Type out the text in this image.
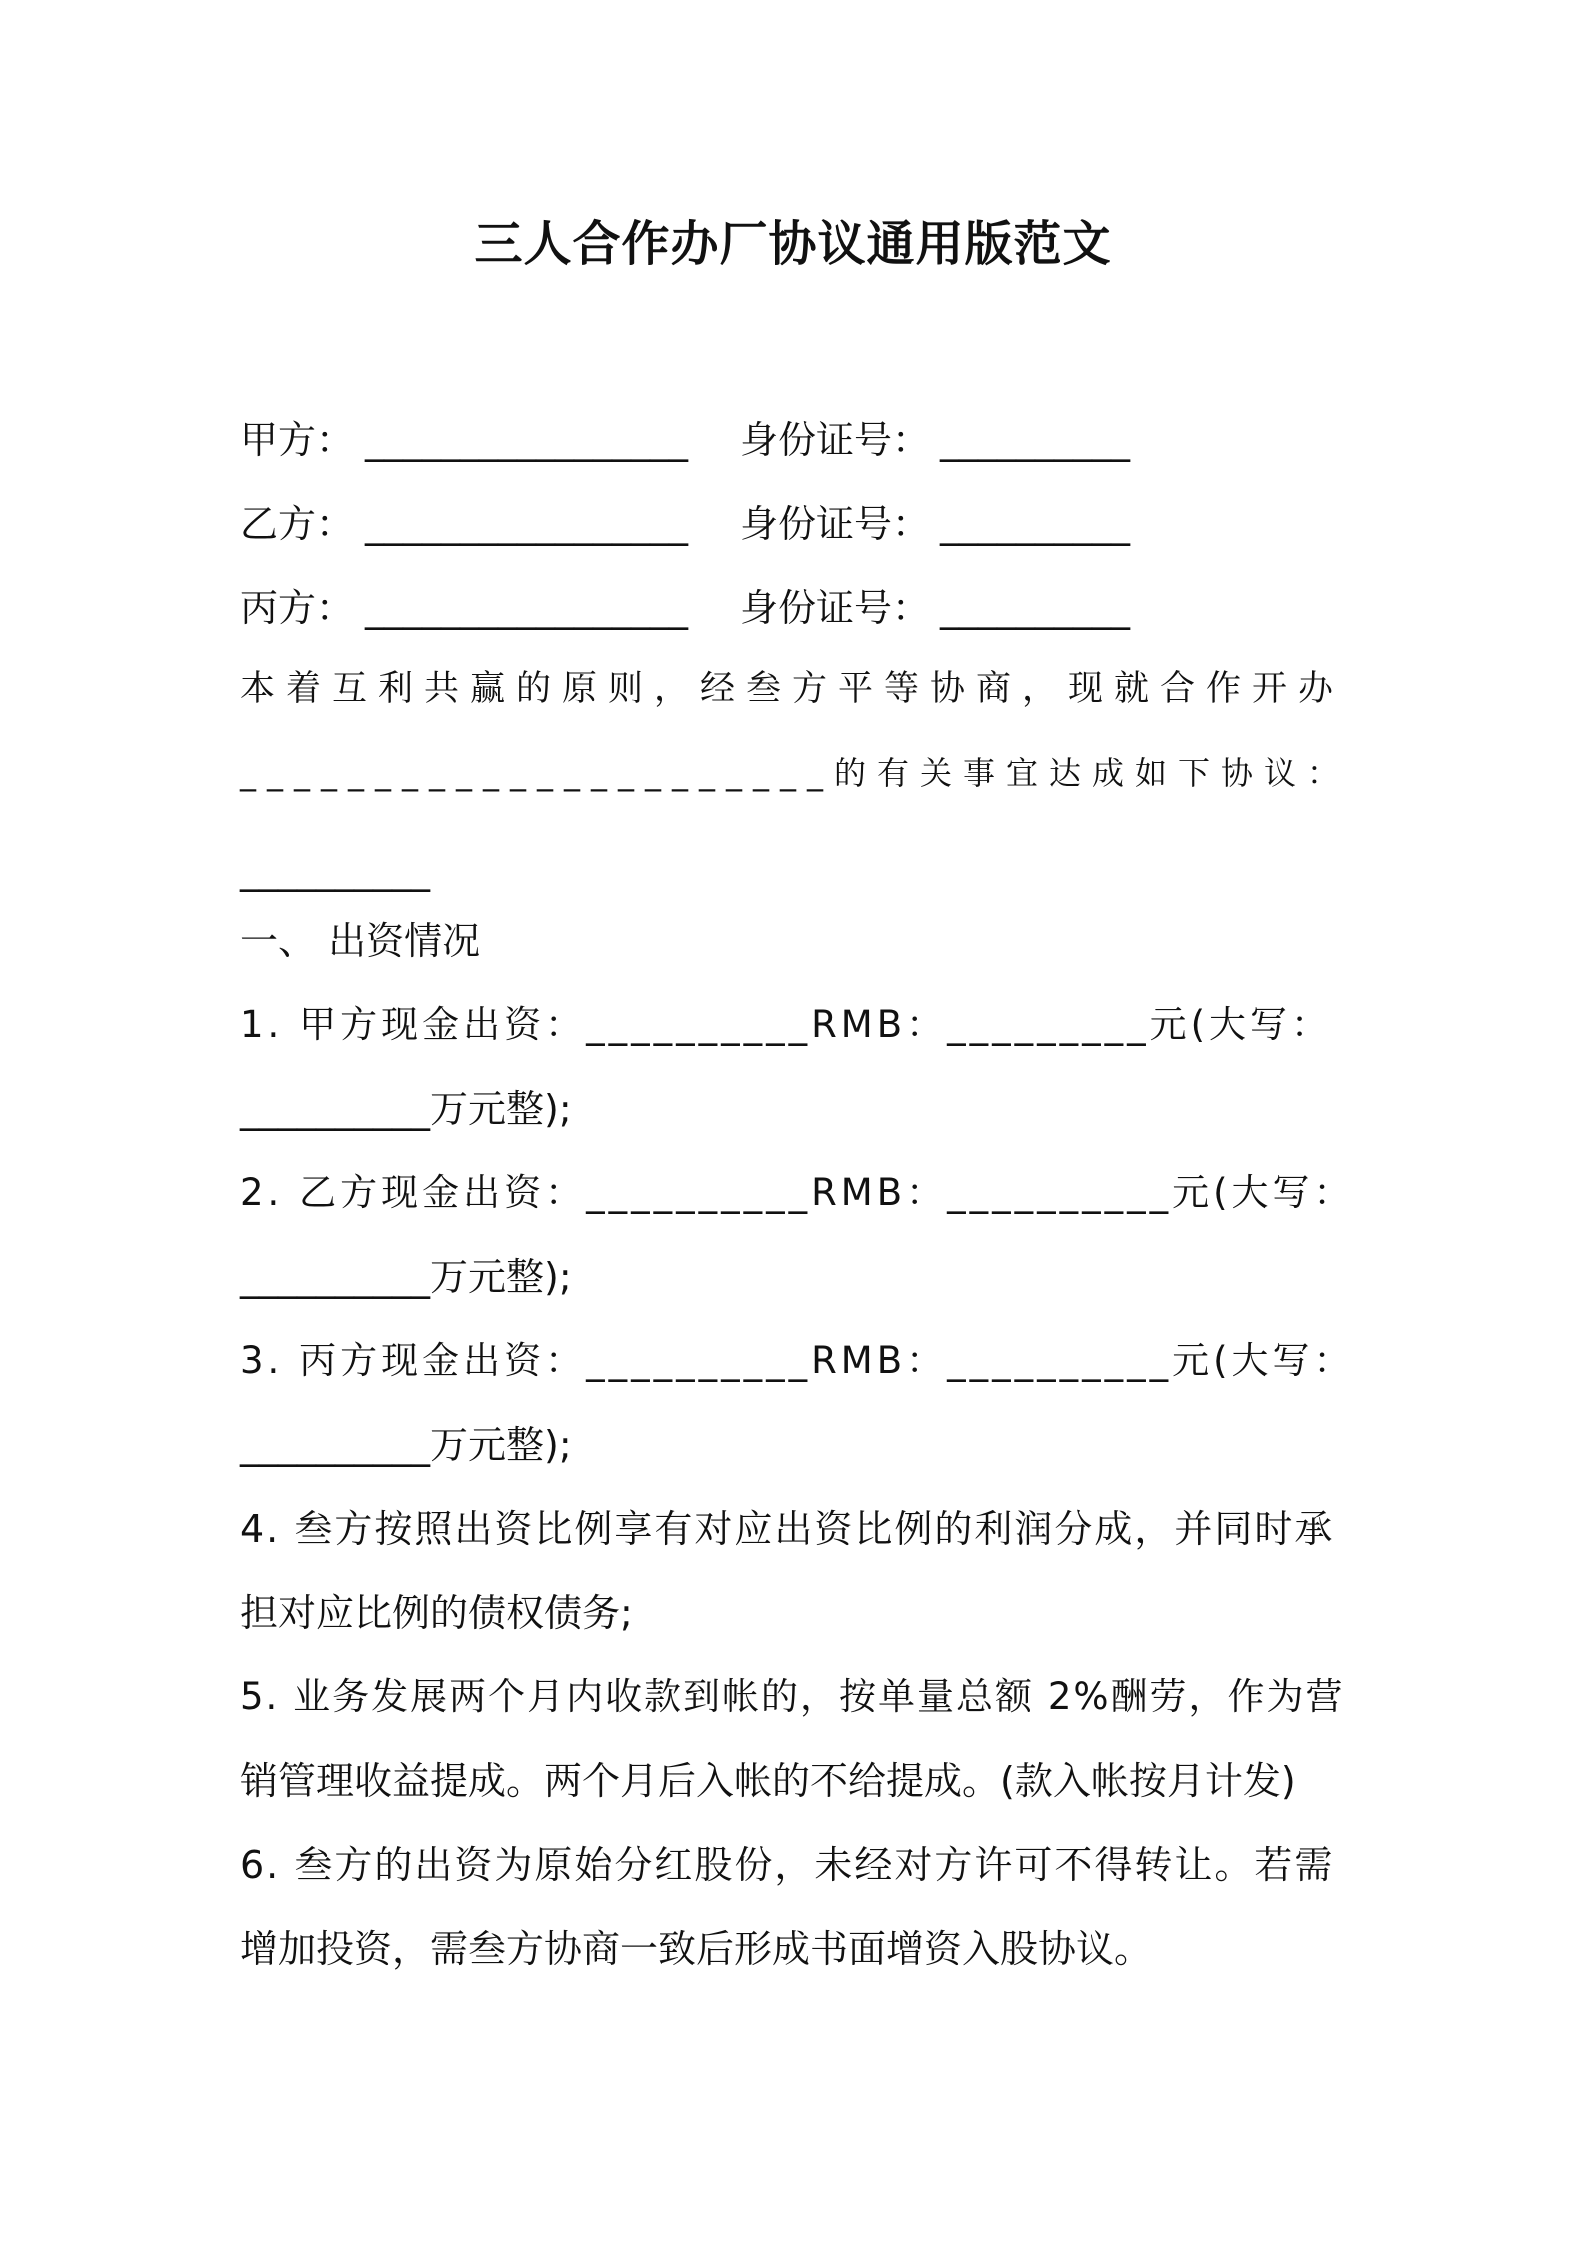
三人合作办厂协议通用版范文
甲方： _________________ 身份证号： __________
乙方： _________________ 身份证号： __________
丙方： _________________ 身份证号： __________
本着互利共赢的原则，经叁方平等协商，现就合作开办
______________________的有关事宜达成如下协议：
__________
一、 出资情况
1. 甲方现金出资：__________RMB：_________元(大写：
__________万元整);
2. 乙方现金出资：__________RMB：__________元(大写：
__________万元整);
3. 丙方现金出资：__________RMB：__________元(大写：
__________万元整);
4. 叁方按照出资比例享有对应出资比例的利润分成，并同时承
担对应比例的债权债务;
5. 业务发展两个月内收款到帐的，按单量总额 2%酬劳，作为营
销管理收益提成。两个月后入帐的不给提成。(款入帐按月计发)
6. 叁方的出资为原始分红股份，未经对方许可不得转让。若需
增加投资，需叁方协商一致后形成书面增资入股协议。
